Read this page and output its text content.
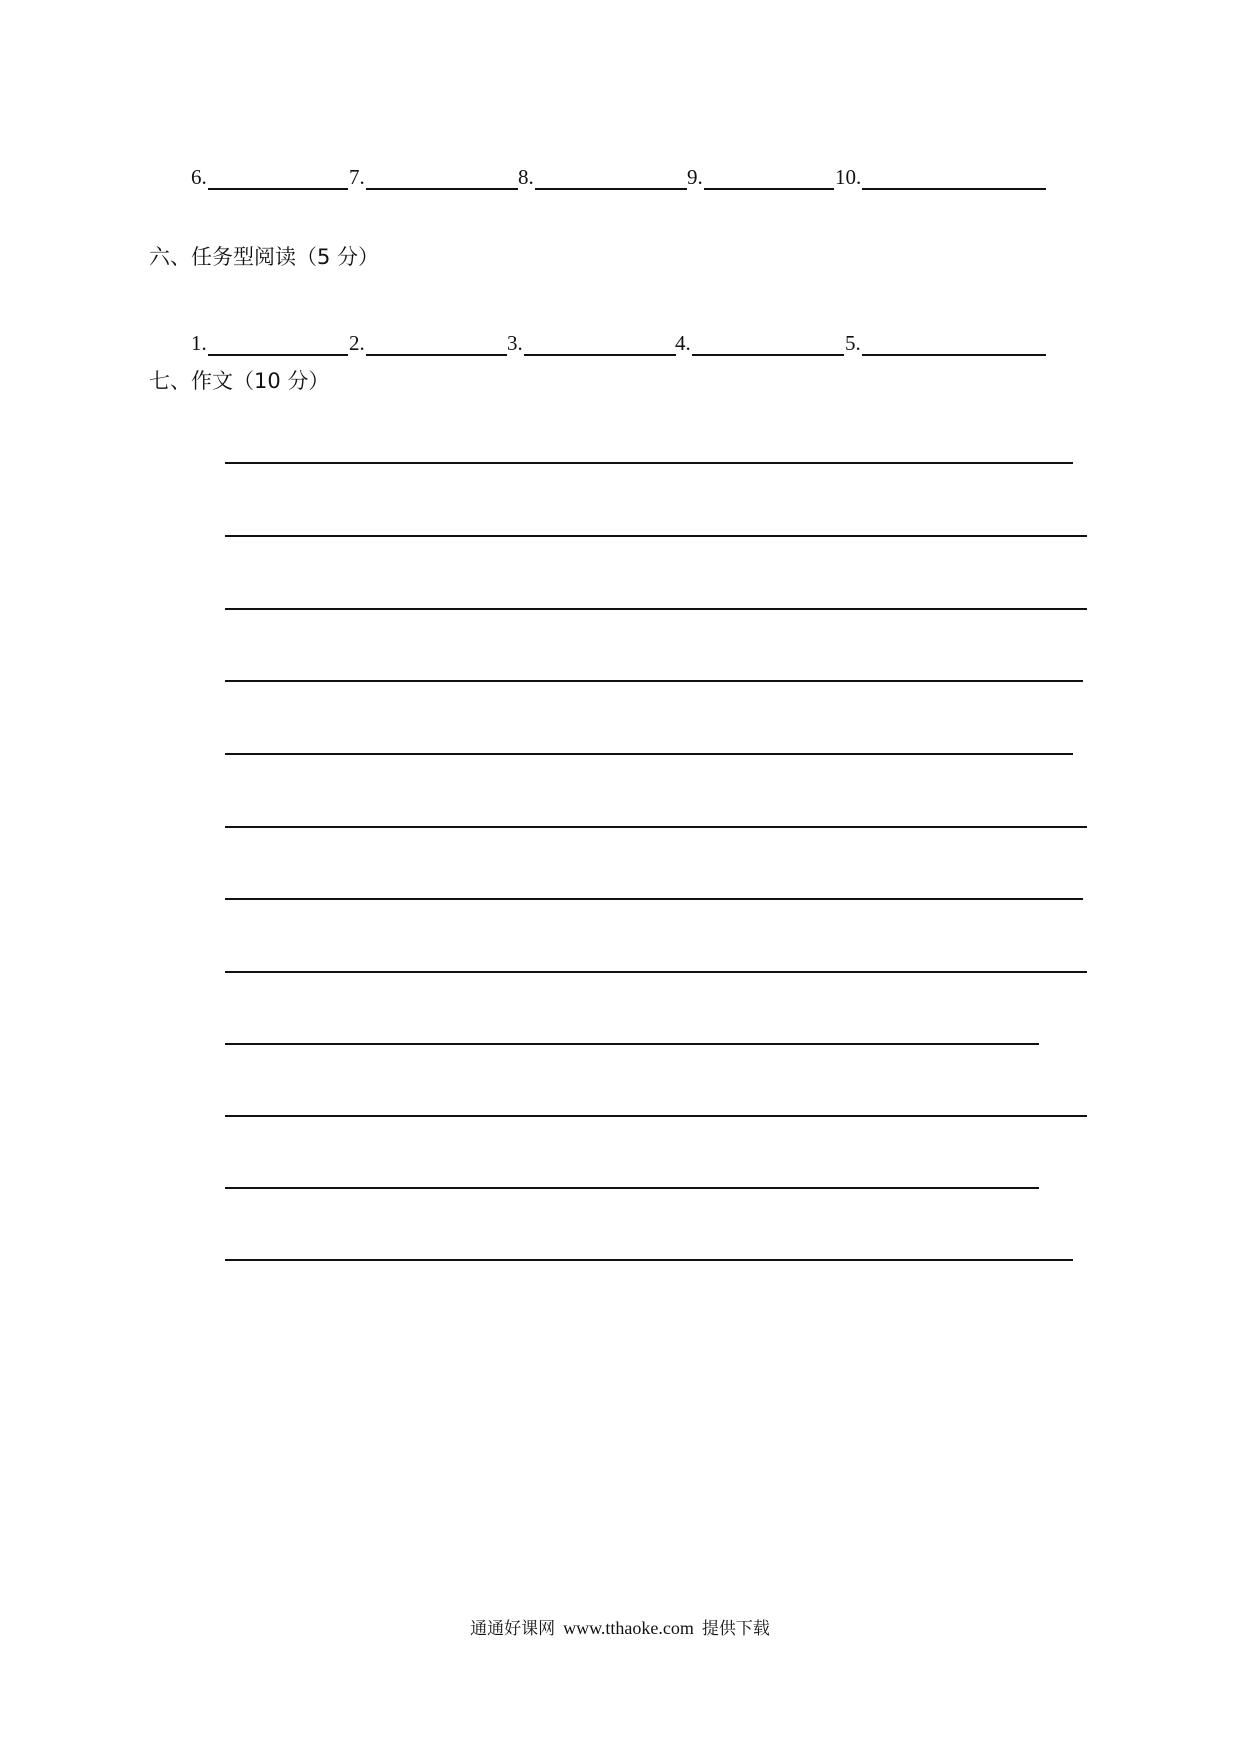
6.	7.	8.	9.	10.
六、任务型阅读（5 分）
1.	2.	3.	4.	5.
七、作文（10 分）
通通好课网 www.tthaoke.com 提供下载
